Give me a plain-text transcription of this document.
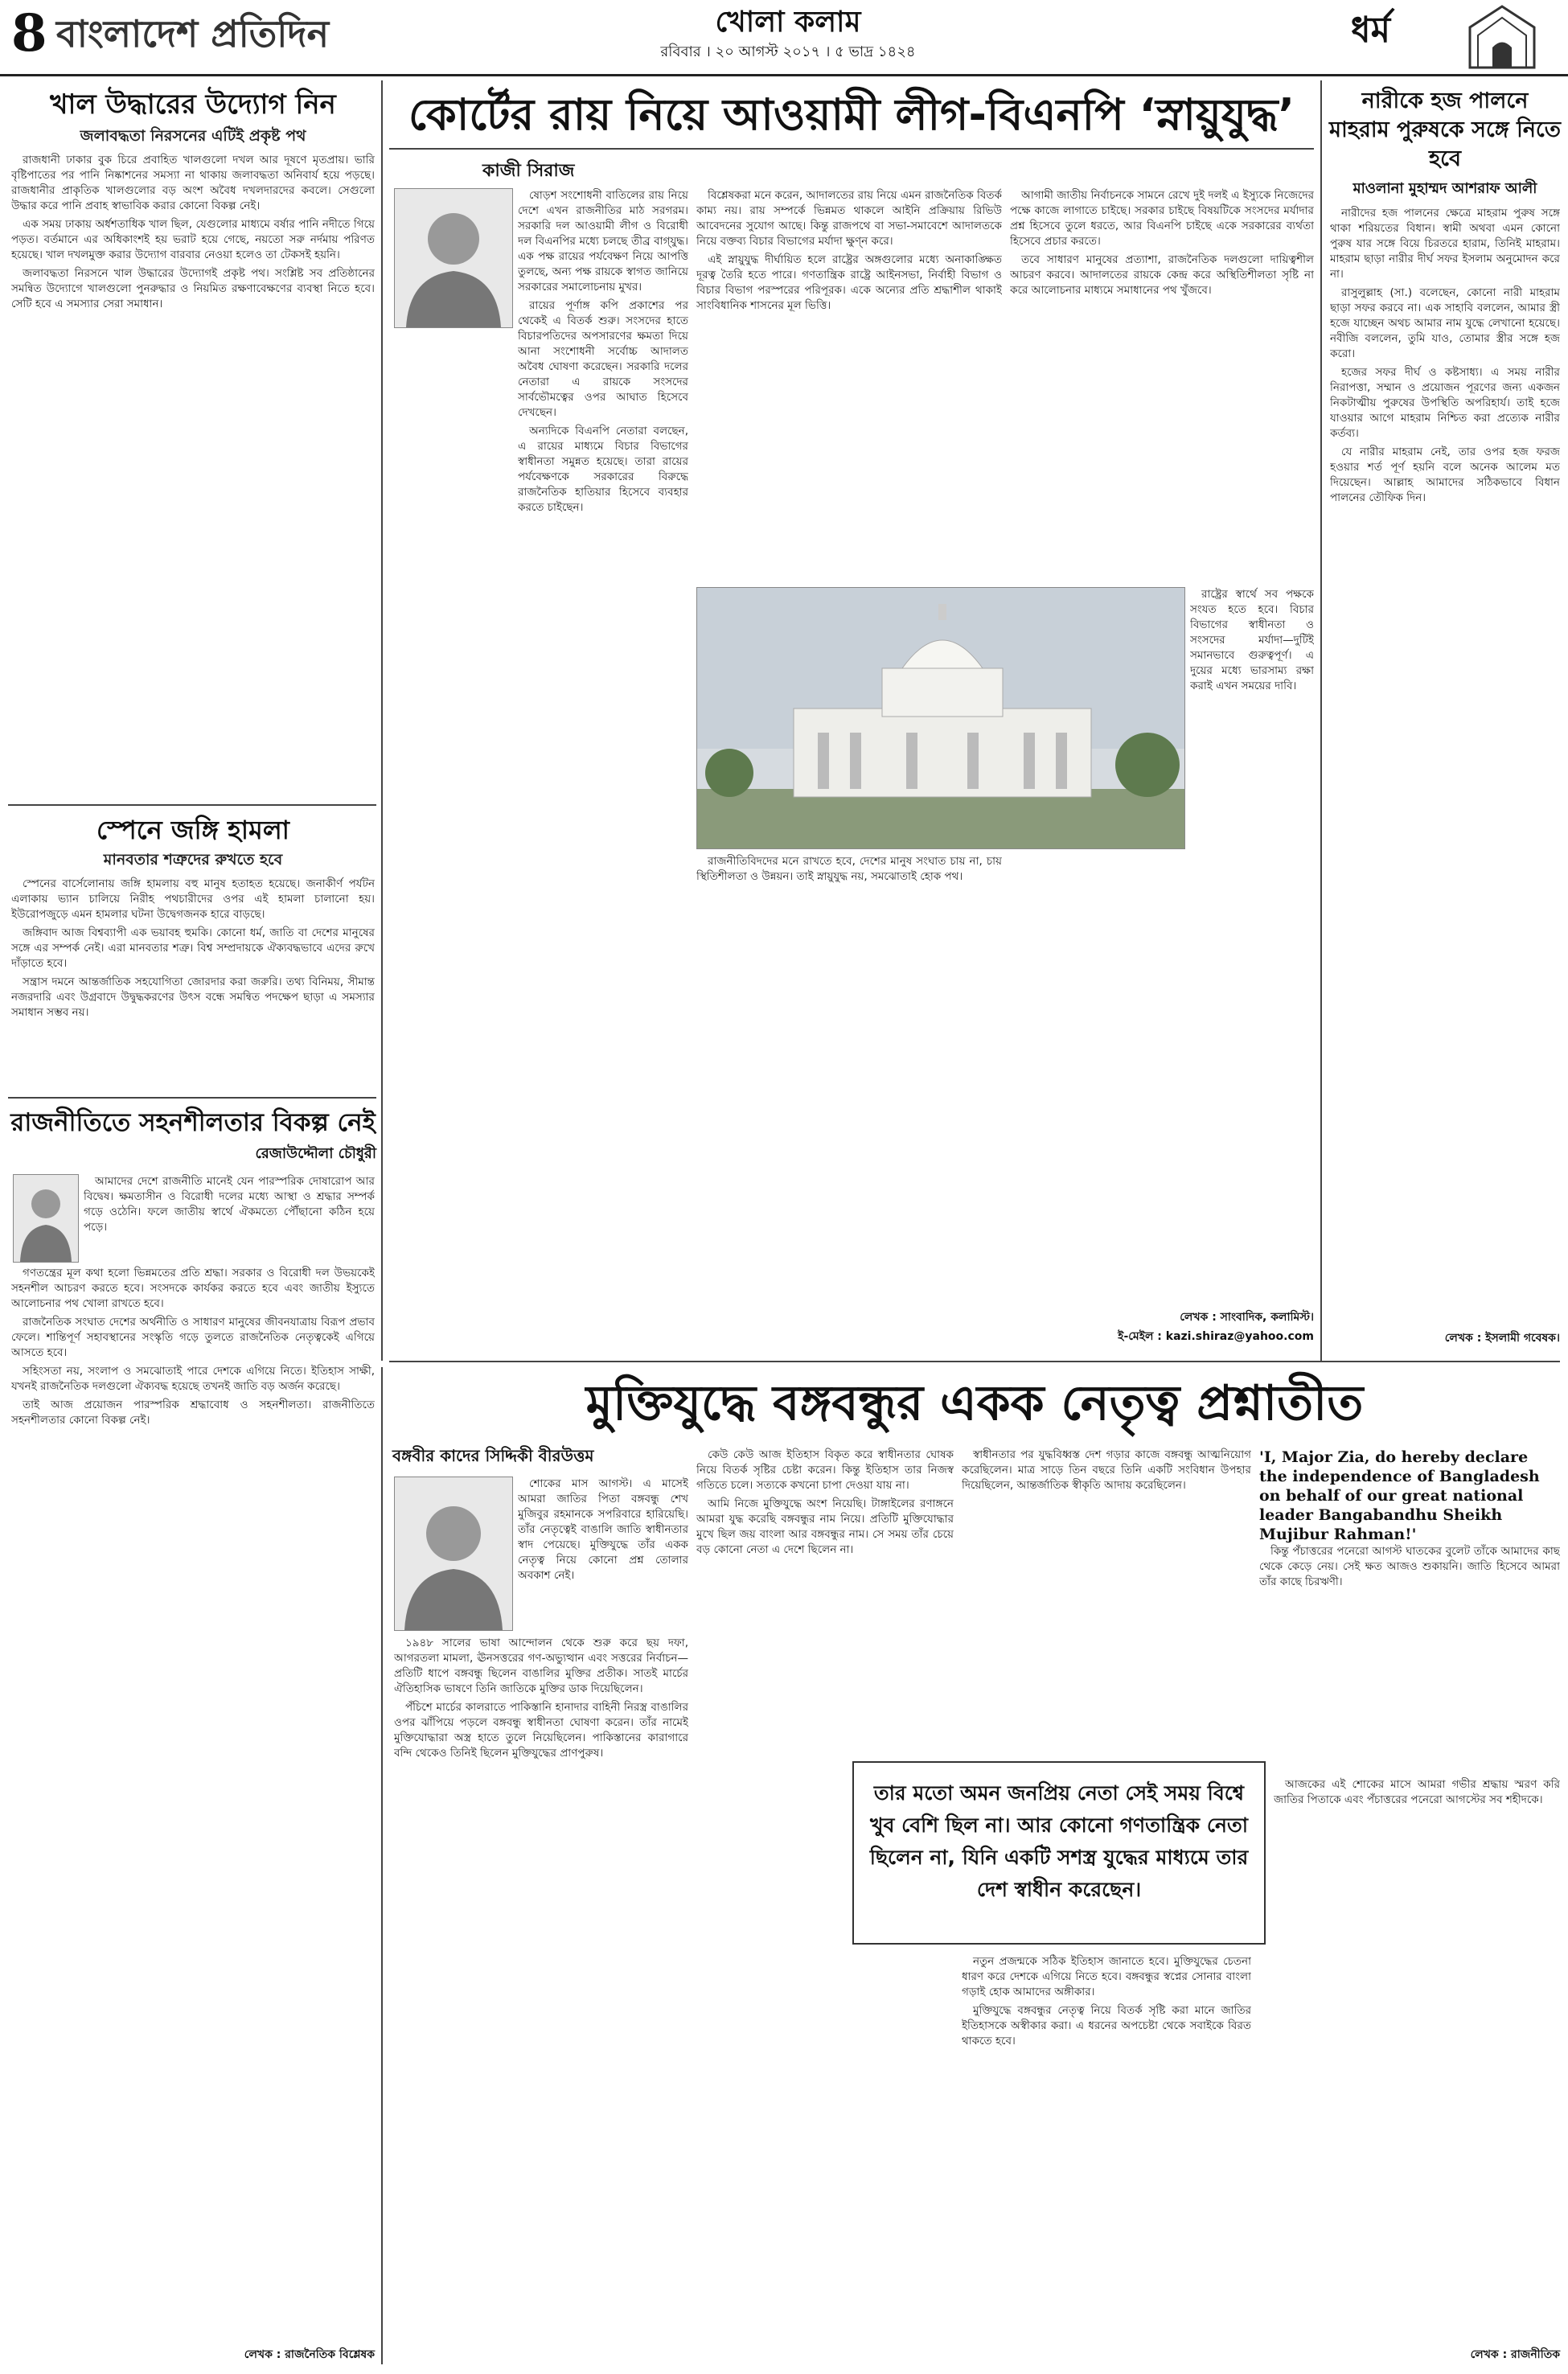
8 বাংলাদেশ প্রতিদিন	খোলা কলাম
রবিবার । ২০ আগস্ট ২০১৭ । ৫ ভাদ্র ১৪২৪
ধর্ম
খাল উদ্ধারের উদ্যোগ নিন
জলাবদ্ধতা নিরসনের এটিই প্রকৃষ্ট পথ

রাজধানী ঢাকার বুক চিরে প্রবাহিত খালগুলো দখল আর দূষণে মৃতপ্রায়। ভারি বৃষ্টিপাতের পর পানি নিষ্কাশনের সমস্যা না থাকায় জলাবদ্ধতা অনিবার্য হয়ে পড়ছে। রাজধানীর প্রাকৃতিক খালগুলোর বড় অংশ অবৈধ দখলদারদের কবলে। সেগুলো উদ্ধার করে পানি প্রবাহ স্বাভাবিক করার কোনো বিকল্প নেই।

এক সময় ঢাকায় অর্ধশতাধিক খাল ছিল, যেগুলোর মাধ্যমে বর্ষার পানি নদীতে গিয়ে পড়ত। বর্তমানে এর অধিকাংশই হয় ভরাট হয়ে গেছে, নয়তো সরু নর্দমায় পরিণত হয়েছে। খাল দখলমুক্ত করার উদ্যোগ বারবার নেওয়া হলেও তা টেকসই হয়নি।

জলাবদ্ধতা নিরসনে খাল উদ্ধারের উদ্যোগই প্রকৃষ্ট পথ। সংশ্লিষ্ট সব প্রতিষ্ঠানের সমন্বিত উদ্যোগে খালগুলো পুনরুদ্ধার ও নিয়মিত রক্ষণাবেক্ষণের ব্যবস্থা নিতে হবে। সেটি হবে এ সমস্যার সেরা সমাধান।

স্পেনে জঙ্গি হামলা
মানবতার শত্রুদের রুখতে হবে

স্পেনের বার্সেলোনায় জঙ্গি হামলায় বহু মানুষ হতাহত হয়েছে। জনাকীর্ণ পর্যটন এলাকায় ভ্যান চালিয়ে নিরীহ পথচারীদের ওপর এই হামলা চালানো হয়। ইউরোপজুড়ে এমন হামলার ঘটনা উদ্বেগজনক হারে বাড়ছে।

জঙ্গিবাদ আজ বিশ্বব্যাপী এক ভয়াবহ হুমকি। কোনো ধর্ম, জাতি বা দেশের মানুষের সঙ্গে এর সম্পর্ক নেই। এরা মানবতার শত্রু। বিশ্ব সম্প্রদায়কে ঐক্যবদ্ধভাবে এদের রুখে দাঁড়াতে হবে।

সন্ত্রাস দমনে আন্তর্জাতিক সহযোগিতা জোরদার করা জরুরি। তথ্য বিনিময়, সীমান্ত নজরদারি এবং উগ্রবাদে উদ্বুদ্ধকরণের উৎস বন্ধে সমন্বিত পদক্ষেপ ছাড়া এ সমস্যার সমাধান সম্ভব নয়।

রাজনীতিতে সহনশীলতার বিকল্প নেই
রেজাউদ্দৌলা চৌধুরী

আমাদের দেশে রাজনীতি মানেই যেন পারস্পরিক দোষারোপ আর বিদ্বেষ। ক্ষমতাসীন ও বিরোধী দলের মধ্যে আস্থা ও শ্রদ্ধার সম্পর্ক গড়ে ওঠেনি। ফলে জাতীয় স্বার্থে ঐকমত্যে পৌঁছানো কঠিন হয়ে পড়ে।

গণতন্ত্রের মূল কথা হলো ভিন্নমতের প্রতি শ্রদ্ধা। সরকার ও বিরোধী দল উভয়কেই সহনশীল আচরণ করতে হবে। সংসদকে কার্যকর করতে হবে এবং জাতীয় ইস্যুতে আলোচনার পথ খোলা রাখতে হবে।

রাজনৈতিক সংঘাত দেশের অর্থনীতি ও সাধারণ মানুষের জীবনযাত্রায় বিরূপ প্রভাব ফেলে। শান্তিপূর্ণ সহাবস্থানের সংস্কৃতি গড়ে তুলতে রাজনৈতিক নেতৃত্বকেই এগিয়ে আসতে হবে।

সহিংসতা নয়, সংলাপ ও সমঝোতাই পারে দেশকে এগিয়ে নিতে। ইতিহাস সাক্ষী, যখনই রাজনৈতিক দলগুলো ঐক্যবদ্ধ হয়েছে তখনই জাতি বড় অর্জন করেছে।

তাই আজ প্রয়োজন পারস্পরিক শ্রদ্ধাবোধ ও সহনশীলতা। রাজনীতিতে সহনশীলতার কোনো বিকল্প নেই।

লেখক : রাজনৈতিক বিশ্লেষক
কোর্টের রায় নিয়ে আওয়ামী লীগ-বিএনপি ‘স্নায়ুযুদ্ধ’
কাজী সিরাজ

ষোড়শ সংশোধনী বাতিলের রায় নিয়ে দেশে এখন রাজনীতির মাঠ সরগরম। সরকারি দল আওয়ামী লীগ ও বিরোধী দল বিএনপির মধ্যে চলছে তীব্র বাগ্‌যুদ্ধ। এক পক্ষ রায়ের পর্যবেক্ষণ নিয়ে আপত্তি তুলছে, অন্য পক্ষ রায়কে স্বাগত জানিয়ে সরকারের সমালোচনায় মুখর।

রায়ের পূর্ণাঙ্গ কপি প্রকাশের পর থেকেই এ বিতর্ক শুরু। সংসদের হাতে বিচারপতিদের অপসারণের ক্ষমতা দিয়ে আনা সংশোধনী সর্বোচ্চ আদালত অবৈধ ঘোষণা করেছেন। সরকারি দলের নেতারা এ রায়কে সংসদের সার্বভৌমত্বের ওপর আঘাত হিসেবে দেখছেন।

অন্যদিকে বিএনপি নেতারা বলছেন, এ রায়ের মাধ্যমে বিচার বিভাগের স্বাধীনতা সমুন্নত হয়েছে। তারা রায়ের পর্যবেক্ষণকে সরকারের বিরুদ্ধে রাজনৈতিক হাতিয়ার হিসেবে ব্যবহার করতে চাইছেন।

বিশ্লেষকরা মনে করেন, আদালতের রায় নিয়ে এমন রাজনৈতিক বিতর্ক কাম্য নয়। রায় সম্পর্কে ভিন্নমত থাকলে আইনি প্রক্রিয়ায় রিভিউ আবেদনের সুযোগ আছে। কিন্তু রাজপথে বা সভা-সমাবেশে আদালতকে নিয়ে বক্তব্য বিচার বিভাগের মর্যাদা ক্ষুণ্ন করে।

এই স্নায়ুযুদ্ধ দীর্ঘায়িত হলে রাষ্ট্রের অঙ্গগুলোর মধ্যে অনাকাঙ্ক্ষিত দূরত্ব তৈরি হতে পারে। গণতান্ত্রিক রাষ্ট্রে আইনসভা, নির্বাহী বিভাগ ও বিচার বিভাগ পরস্পরের পরিপূরক। একে অন্যের প্রতি শ্রদ্ধাশীল থাকাই সাংবিধানিক শাসনের মূল ভিত্তি।

আগামী জাতীয় নির্বাচনকে সামনে রেখে দুই দলই এ ইস্যুকে নিজেদের পক্ষে কাজে লাগাতে চাইছে। সরকার চাইছে বিষয়টিকে সংসদের মর্যাদার প্রশ্ন হিসেবে তুলে ধরতে, আর বিএনপি চাইছে একে সরকারের ব্যর্থতা হিসেবে প্রচার করতে।

তবে সাধারণ মানুষের প্রত্যাশা, রাজনৈতিক দলগুলো দায়িত্বশীল আচরণ করবে। আদালতের রায়কে কেন্দ্র করে অস্থিতিশীলতা সৃষ্টি না করে আলোচনার মাধ্যমে সমাধানের পথ খুঁজবে।

রাষ্ট্রের স্বার্থে সব পক্ষকে সংযত হতে হবে। বিচার বিভাগের স্বাধীনতা ও সংসদের মর্যাদা—দুটিই সমানভাবে গুরুত্বপূর্ণ। এ দুয়ের মধ্যে ভারসাম্য রক্ষা করাই এখন সময়ের দাবি।

রাজনীতিবিদদের মনে রাখতে হবে, দেশের মানুষ সংঘাত চায় না, চায় স্থিতিশীলতা ও উন্নয়ন। তাই স্নায়ুযুদ্ধ নয়, সমঝোতাই হোক পথ।

লেখক : সাংবাদিক, কলামিস্ট।
ই-মেইল : kazi.shiraz@yahoo.com
নারীকে হজ পালনে মাহরাম পুরুষকে সঙ্গে নিতে হবে
মাওলানা মুহাম্মদ আশরাফ আলী

নারীদের হজ পালনের ক্ষেত্রে মাহরাম পুরুষ সঙ্গে থাকা শরিয়তের বিধান। স্বামী অথবা এমন কোনো পুরুষ যার সঙ্গে বিয়ে চিরতরে হারাম, তিনিই মাহরাম। মাহরাম ছাড়া নারীর দীর্ঘ সফর ইসলাম অনুমোদন করে না।

রাসুলুল্লাহ (সা.) বলেছেন, কোনো নারী মাহরাম ছাড়া সফর করবে না। এক সাহাবি বললেন, আমার স্ত্রী হজে যাচ্ছেন অথচ আমার নাম যুদ্ধে লেখানো হয়েছে। নবীজি বললেন, তুমি যাও, তোমার স্ত্রীর সঙ্গে হজ করো।

হজের সফর দীর্ঘ ও কষ্টসাধ্য। এ সময় নারীর নিরাপত্তা, সম্মান ও প্রয়োজন পূরণের জন্য একজন নিকটাত্মীয় পুরুষের উপস্থিতি অপরিহার্য। তাই হজে যাওয়ার আগে মাহরাম নিশ্চিত করা প্রত্যেক নারীর কর্তব্য।

যে নারীর মাহরাম নেই, তার ওপর হজ ফরজ হওয়ার শর্ত পূর্ণ হয়নি বলে অনেক আলেম মত দিয়েছেন। আল্লাহ আমাদের সঠিকভাবে বিধান পালনের তৌফিক দিন।

লেখক : ইসলামী গবেষক।
মুক্তিযুদ্ধে বঙ্গবন্ধুর একক নেতৃত্ব প্রশ্নাতীত
বঙ্গবীর কাদের সিদ্দিকী বীরউত্তম

শোকের মাস আগস্ট। এ মাসেই আমরা জাতির পিতা বঙ্গবন্ধু শেখ মুজিবুর রহমানকে সপরিবারে হারিয়েছি। তাঁর নেতৃত্বেই বাঙালি জাতি স্বাধীনতার স্বাদ পেয়েছে। মুক্তিযুদ্ধে তাঁর একক নেতৃত্ব নিয়ে কোনো প্রশ্ন তোলার অবকাশ নেই।

১৯৪৮ সালের ভাষা আন্দোলন থেকে শুরু করে ছয় দফা, আগরতলা মামলা, ঊনসত্তরের গণ-অভ্যুত্থান এবং সত্তরের নির্বাচন—প্রতিটি ধাপে বঙ্গবন্ধু ছিলেন বাঙালির মুক্তির প্রতীক। সাতই মার্চের ঐতিহাসিক ভাষণে তিনি জাতিকে মুক্তির ডাক দিয়েছিলেন।

পঁচিশে মার্চের কালরাতে পাকিস্তানি হানাদার বাহিনী নিরস্ত্র বাঙালির ওপর ঝাঁপিয়ে পড়লে বঙ্গবন্ধু স্বাধীনতা ঘোষণা করেন। তাঁর নামেই মুক্তিযোদ্ধারা অস্ত্র হাতে তুলে নিয়েছিলেন। পাকিস্তানের কারাগারে বন্দি থেকেও তিনিই ছিলেন মুক্তিযুদ্ধের প্রাণপুরুষ।

কেউ কেউ আজ ইতিহাস বিকৃত করে স্বাধীনতার ঘোষক নিয়ে বিতর্ক সৃষ্টির চেষ্টা করেন। কিন্তু ইতিহাস তার নিজস্ব গতিতে চলে। সত্যকে কখনো চাপা দেওয়া যায় না।

আমি নিজে মুক্তিযুদ্ধে অংশ নিয়েছি। টাঙ্গাইলের রণাঙ্গনে আমরা যুদ্ধ করেছি বঙ্গবন্ধুর নাম নিয়ে। প্রতিটি মুক্তিযোদ্ধার মুখে ছিল জয় বাংলা আর বঙ্গবন্ধুর নাম। সে সময় তাঁর চেয়ে বড় কোনো নেতা এ দেশে ছিলেন না।

স্বাধীনতার পর যুদ্ধবিধ্বস্ত দেশ গড়ার কাজে বঙ্গবন্ধু আত্মনিয়োগ করেছিলেন। মাত্র সাড়ে তিন বছরে তিনি একটি সংবিধান উপহার দিয়েছিলেন, আন্তর্জাতিক স্বীকৃতি আদায় করেছিলেন।

'I, Major Zia, do hereby declare the independence of Bangladesh on behalf of our great national leader Bangabandhu Sheikh Mujibur Rahman!'

কিন্তু পঁচাত্তরের পনেরো আগস্ট ঘাতকের বুলেট তাঁকে আমাদের কাছ থেকে কেড়ে নেয়। সেই ক্ষত আজও শুকায়নি। জাতি হিসেবে আমরা তাঁর কাছে চিরঋণী।

তার মতো অমন জনপ্রিয় নেতা সেই সময় বিশ্বে খুব বেশি ছিল না। আর কোনো গণতান্ত্রিক নেতা ছিলেন না, যিনি একটি সশস্ত্র যুদ্ধের মাধ্যমে তার দেশ স্বাধীন করেছেন।

নতুন প্রজন্মকে সঠিক ইতিহাস জানাতে হবে। মুক্তিযুদ্ধের চেতনা ধারণ করে দেশকে এগিয়ে নিতে হবে। বঙ্গবন্ধুর স্বপ্নের সোনার বাংলা গড়াই হোক আমাদের অঙ্গীকার।

মুক্তিযুদ্ধে বঙ্গবন্ধুর নেতৃত্ব নিয়ে বিতর্ক সৃষ্টি করা মানে জাতির ইতিহাসকে অস্বীকার করা। এ ধরনের অপচেষ্টা থেকে সবাইকে বিরত থাকতে হবে।

আজকের এই শোকের মাসে আমরা গভীর শ্রদ্ধায় স্মরণ করি জাতির পিতাকে এবং পঁচাত্তরের পনেরো আগস্টের সব শহীদকে।

লেখক : রাজনীতিক
